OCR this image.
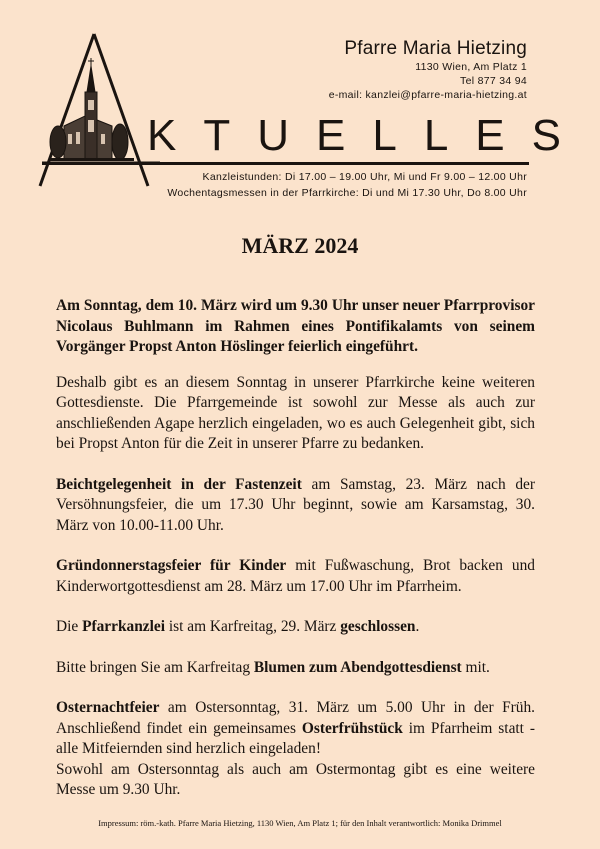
Pfarre Maria Hietzing
1130 Wien, Am Platz 1
Tel 877 34 94
e-mail: kanzlei@pfarre-maria-hietzing.at
KTUELLES
Kanzleistunden: Di 17.00 – 19.00 Uhr, Mi und Fr 9.00 – 12.00 Uhr
Wochentagsmessen in der Pfarrkirche: Di und Mi 17.30 Uhr, Do 8.00 Uhr
MÄRZ 2024

Am Sonntag, dem 10. März wird um 9.30 Uhr unser neuer Pfarrprovisor Nicolaus Buhlmann im Rahmen eines Pontifikalamts von seinem Vorgänger Propst Anton Höslinger feierlich eingeführt.

Deshalb gibt es an diesem Sonntag in unserer Pfarrkirche keine weiteren Gottesdienste. Die Pfarrgemeinde ist sowohl zur Messe als auch zur anschließenden Agape herzlich eingeladen, wo es auch Gelegenheit gibt, sich bei Propst Anton für die Zeit in unserer Pfarre zu bedanken.

Beichtgelegenheit in der Fastenzeit am Samstag, 23. März nach der Versöhnungsfeier, die um 17.30 Uhr beginnt, sowie am Karsamstag, 30. März von 10.00-11.00 Uhr.

Gründonnerstagsfeier für Kinder mit Fußwaschung, Brot backen und Kinderwortgottesdienst am 28. März um 17.00 Uhr im Pfarrheim.

Die Pfarrkanzlei ist am Karfreitag, 29. März geschlossen.

Bitte bringen Sie am Karfreitag Blumen zum Abendgottesdienst mit.

Osternachtfeier am Ostersonntag, 31. März um 5.00 Uhr in der Früh. Anschließend findet ein gemeinsames Osterfrühstück im Pfarrheim statt - alle Mitfeiernden sind herzlich eingeladen!

Sowohl am Ostersonntag als auch am Ostermontag gibt es eine weitere Messe um 9.30 Uhr.

Impressum: röm.-kath. Pfarre Maria Hietzing, 1130 Wien, Am Platz 1; für den Inhalt verantwortlich: Monika Drimmel
